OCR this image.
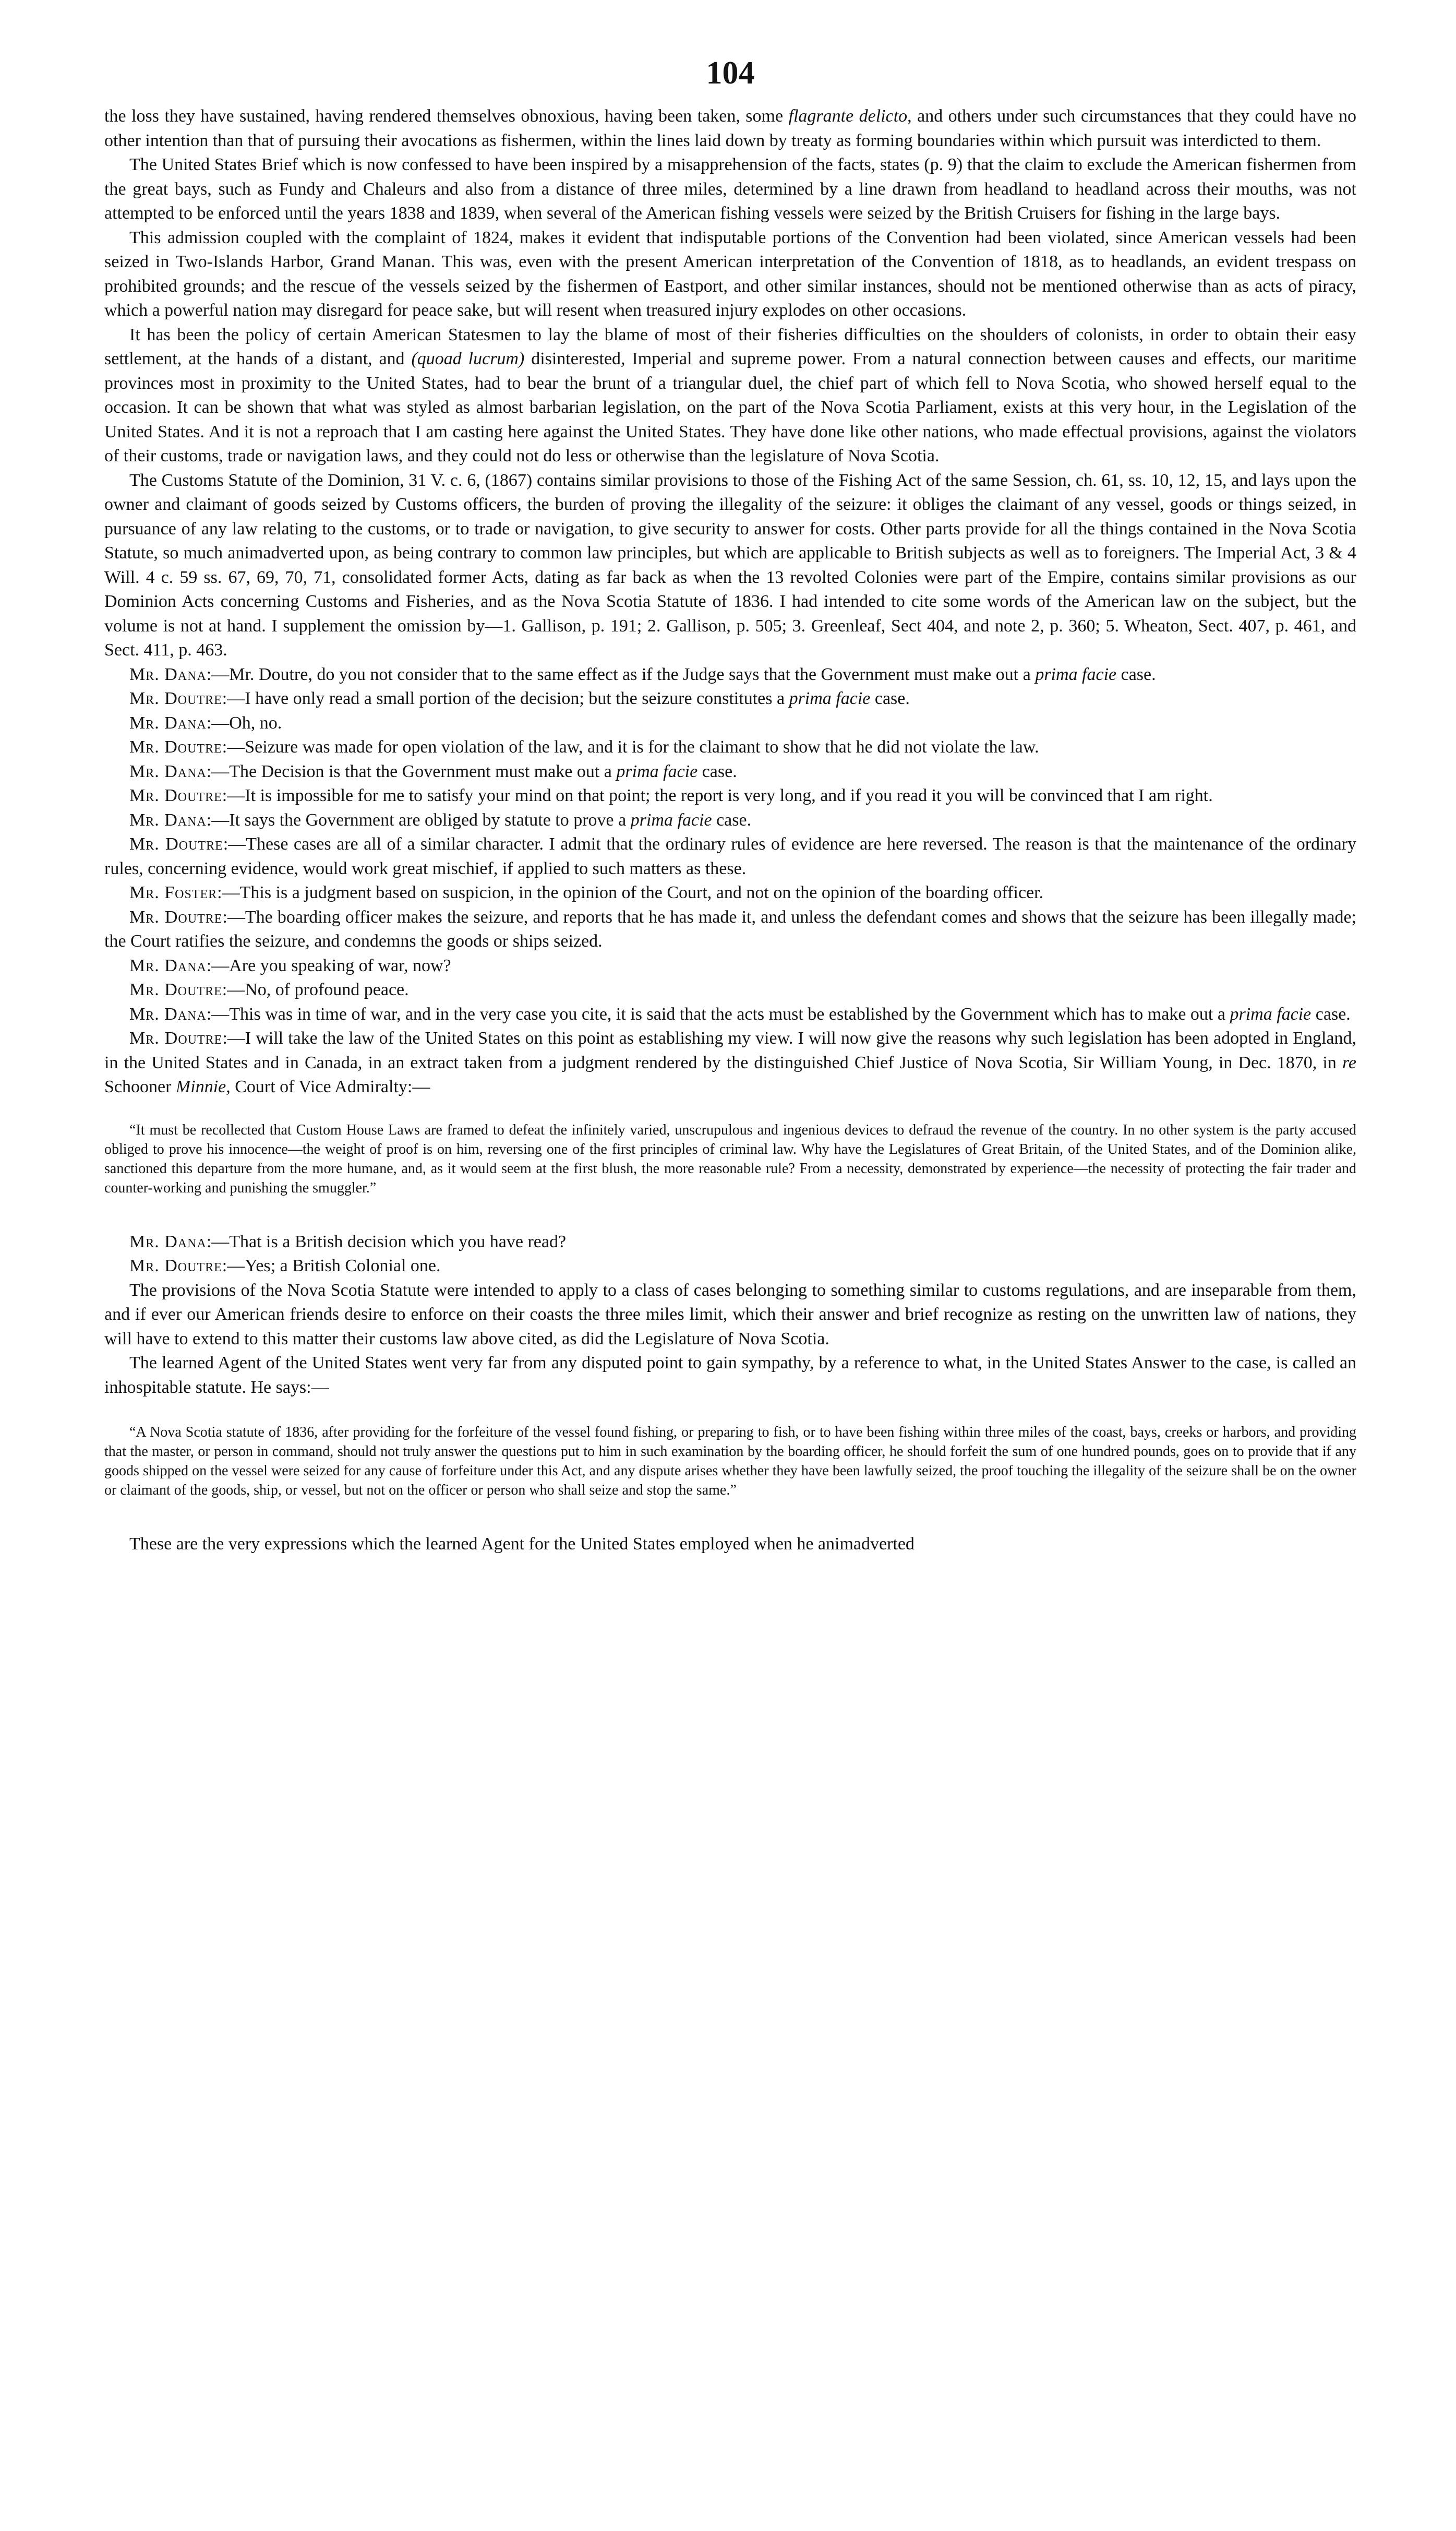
104

the loss they have sustained, having rendered themselves obnoxious, having been taken, some flagrante delicto, and others under such circumstances that they could have no other intention than that of pursuing their avocations as fishermen, within the lines laid down by treaty as forming boundaries within which pursuit was interdicted to them.

The United States Brief which is now confessed to have been inspired by a misapprehension of the facts, states (p. 9) that the claim to exclude the American fishermen from the great bays, such as Fundy and Chaleurs and also from a distance of three miles, determined by a line drawn from headland to headland across their mouths, was not attempted to be enforced until the years 1838 and 1839, when several of the American fishing vessels were seized by the British Cruisers for fishing in the large bays.

This admission coupled with the complaint of 1824, makes it evident that indisputable portions of the Convention had been violated, since American vessels had been seized in Two-Islands Harbor, Grand Manan. This was, even with the present American interpretation of the Convention of 1818, as to headlands, an evident trespass on prohibited grounds; and the rescue of the vessels seized by the fishermen of Eastport, and other similar instances, should not be mentioned otherwise than as acts of piracy, which a powerful nation may disregard for peace sake, but will resent when treasured injury explodes on other occasions.

It has been the policy of certain American Statesmen to lay the blame of most of their fisheries difficulties on the shoulders of colonists, in order to obtain their easy settlement, at the hands of a distant, and (quoad lucrum) disinterested, Imperial and supreme power. From a natural connection between causes and effects, our maritime provinces most in proximity to the United States, had to bear the brunt of a triangular duel, the chief part of which fell to Nova Scotia, who showed herself equal to the occasion. It can be shown that what was styled as almost barbarian legislation, on the part of the Nova Scotia Parliament, exists at this very hour, in the Legislation of the United States. And it is not a reproach that I am casting here against the United States. They have done like other nations, who made effectual provisions, against the violators of their customs, trade or navigation laws, and they could not do less or otherwise than the legislature of Nova Scotia.

The Customs Statute of the Dominion, 31 V. c. 6, (1867) contains similar provisions to those of the Fishing Act of the same Session, ch. 61, ss. 10, 12, 15, and lays upon the owner and claimant of goods seized by Customs officers, the burden of proving the illegality of the seizure: it obliges the claimant of any vessel, goods or things seized, in pursuance of any law relating to the customs, or to trade or navigation, to give security to answer for costs. Other parts provide for all the things contained in the Nova Scotia Statute, so much animadverted upon, as being contrary to common law principles, but which are applicable to British subjects as well as to foreigners. The Imperial Act, 3 & 4 Will. 4 c. 59 ss. 67, 69, 70, 71, consolidated former Acts, dating as far back as when the 13 revolted Colonies were part of the Empire, contains similar provisions as our Dominion Acts concerning Customs and Fisheries, and as the Nova Scotia Statute of 1836. I had intended to cite some words of the American law on the subject, but the volume is not at hand. I supplement the omission by—1. Gallison, p. 191; 2. Gallison, p. 505; 3. Greenleaf, Sect 404, and note 2, p. 360; 5. Wheaton, Sect. 407, p. 461, and Sect. 411, p. 463.

Mr. Dana:—Mr. Doutre, do you not consider that to the same effect as if the Judge says that the Government must make out a prima facie case.

Mr. Doutre:—I have only read a small portion of the decision; but the seizure constitutes a prima facie case.

Mr. Dana:—Oh, no.

Mr. Doutre:—Seizure was made for open violation of the law, and it is for the claimant to show that he did not violate the law.

Mr. Dana:—The Decision is that the Government must make out a prima facie case.

Mr. Doutre:—It is impossible for me to satisfy your mind on that point; the report is very long, and if you read it you will be convinced that I am right.

Mr. Dana:—It says the Government are obliged by statute to prove a prima facie case.

Mr. Doutre:—These cases are all of a similar character. I admit that the ordinary rules of evidence are here reversed. The reason is that the maintenance of the ordinary rules, concerning evidence, would work great mischief, if applied to such matters as these.

Mr. Foster:—This is a judgment based on suspicion, in the opinion of the Court, and not on the opinion of the boarding officer.

Mr. Doutre:—The boarding officer makes the seizure, and reports that he has made it, and unless the defendant comes and shows that the seizure has been illegally made; the Court ratifies the seizure, and condemns the goods or ships seized.

Mr. Dana:—Are you speaking of war, now?

Mr. Doutre:—No, of profound peace.

Mr. Dana:—This was in time of war, and in the very case you cite, it is said that the acts must be established by the Government which has to make out a prima facie case.

Mr. Doutre:—I will take the law of the United States on this point as establishing my view. I will now give the reasons why such legislation has been adopted in England, in the United States and in Canada, in an extract taken from a judgment rendered by the distinguished Chief Justice of Nova Scotia, Sir William Young, in Dec. 1870, in re Schooner Minnie, Court of Vice Admiralty:—

“It must be recollected that Custom House Laws are framed to defeat the infinitely varied, unscrupulous and ingenious devices to defraud the revenue of the country. In no other system is the party accused obliged to prove his innocence—the weight of proof is on him, reversing one of the first principles of criminal law. Why have the Legislatures of Great Britain, of the United States, and of the Dominion alike, sanctioned this departure from the more humane, and, as it would seem at the first blush, the more reasonable rule? From a necessity, demonstrated by experience—the necessity of protecting the fair trader and counter-working and punishing the smuggler.”

Mr. Dana:—That is a British decision which you have read?

Mr. Doutre:—Yes; a British Colonial one.

The provisions of the Nova Scotia Statute were intended to apply to a class of cases belonging to something similar to customs regulations, and are inseparable from them, and if ever our American friends desire to enforce on their coasts the three miles limit, which their answer and brief recognize as resting on the unwritten law of nations, they will have to extend to this matter their customs law above cited, as did the Legislature of Nova Scotia.

The learned Agent of the United States went very far from any disputed point to gain sympathy, by a reference to what, in the United States Answer to the case, is called an inhospitable statute. He says:—

“A Nova Scotia statute of 1836, after providing for the forfeiture of the vessel found fishing, or preparing to fish, or to have been fishing within three miles of the coast, bays, creeks or harbors, and providing that the master, or person in command, should not truly answer the questions put to him in such examination by the boarding officer, he should forfeit the sum of one hundred pounds, goes on to provide that if any goods shipped on the vessel were seized for any cause of forfeiture under this Act, and any dispute arises whether they have been lawfully seized, the proof touching the illegality of the seizure shall be on the owner or claimant of the goods, ship, or vessel, but not on the officer or person who shall seize and stop the same.”

These are the very expressions which the learned Agent for the United States employed when he animadverted
